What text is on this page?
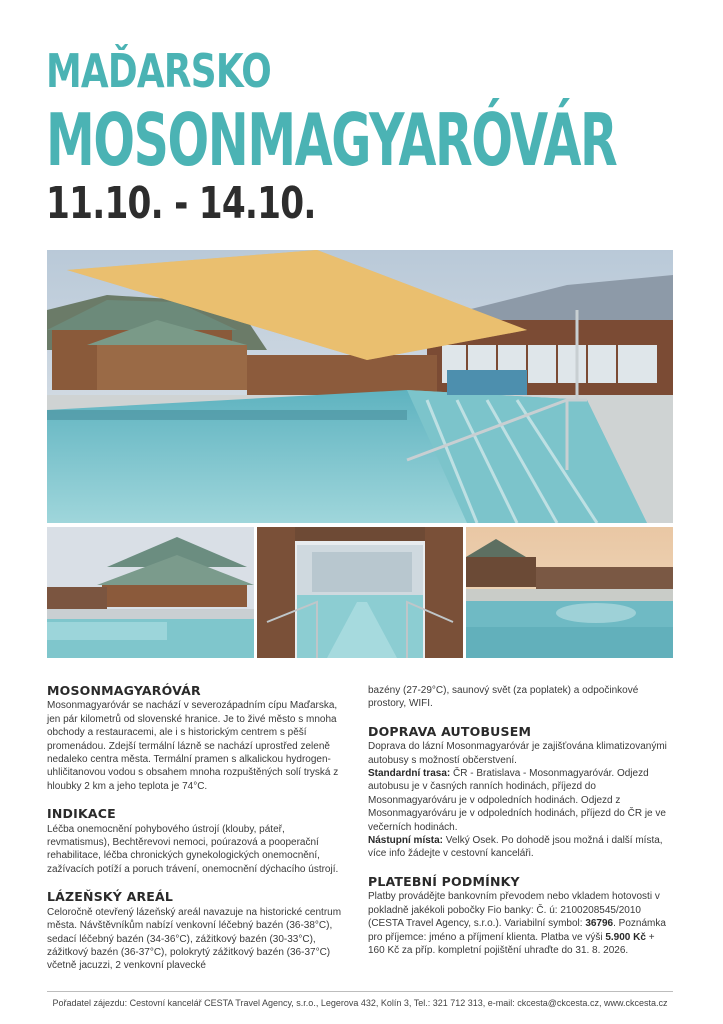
MAĎARSKO
MOSONMAGYARÓVÁR
11.10. - 14.10.
MOSONMAGYARÓVÁR

Mosonmagyaróvár se nachází v severozápadním cípu Maďarska, jen pár kilometrů od slovenské hranice. Je to živé město s mnoha obchody a restauracemi, ale i s historickým centrem s pěší promenádou. Zdejší termální lázně se nachází uprostřed zeleně nedaleko centra města. Termální pramen s alkalickou hydrogen-uhličitanovou vodou s obsahem mnoha rozpuštěných solí tryská z hloubky 2 km a jeho teplota je 74°C.

INDIKACE

Léčba onemocnění pohybového ústrojí (klouby, páteř, revmatismus), Bechtěrevovi nemoci, poúrazová a pooperační rehabilitace, léčba chronických gynekologických onemocnění, zažívacích potíží a poruch trávení, onemocnění dýchacího ústrojí.

LÁZEŇSKÝ AREÁL

Celoročně otevřený lázeňský areál navazuje na historické centrum města. Návštěvníkům nabízí venkovní léčebný bazén (36-38°C), sedací léčebný bazén (34-36°C), zážitkový bazén (30-33°C), zážitkový bazén (36-37°C), polokrytý zážitkový bazén (36-37°C) včetně jacuzzi, 2 venkovní plavecké

bazény (27-29°C), saunový svět (za poplatek) a odpočinkové prostory, WIFI.

DOPRAVA AUTOBUSEM

Doprava do lázní Mosonmagyaróvár je zajišťována klimatizovanými autobusy s možností občerstvení.
Standardní trasa: ČR - Bratislava - Mosonmagyaróvár. Odjezd autobusu je v časných ranních hodinách, příjezd do Mosonmagyaróváru je v odpoledních hodinách. Odjezd z Mosonmagyaróváru je v odpoledních hodinách, příjezd do ČR je ve večerních hodinách.
Nástupní místa: Velký Osek. Po dohodě jsou možná i další místa, více info žádejte v cestovní kanceláři.

PLATEBNÍ PODMÍNKY

Platby provádějte bankovním převodem nebo vkladem hotovosti v pokladně jakékoli pobočky Fio banky: Č. ú: 2100208545/2010 (CESTA Travel Agency, s.r.o.). Variabilní symbol: 36796. Poznámka pro příjemce: jméno a příjmení klienta. Platba ve výši 5.900 Kč + 160 Kč za příp. kompletní pojištění uhraďte do 31. 8. 2026.

Pořadatel zájezdu: Cestovní kancelář CESTA Travel Agency, s.r.o., Legerova 432, Kolín 3, Tel.: 321 712 313, e-mail: ckcesta@ckcesta.cz, www.ckcesta.cz
